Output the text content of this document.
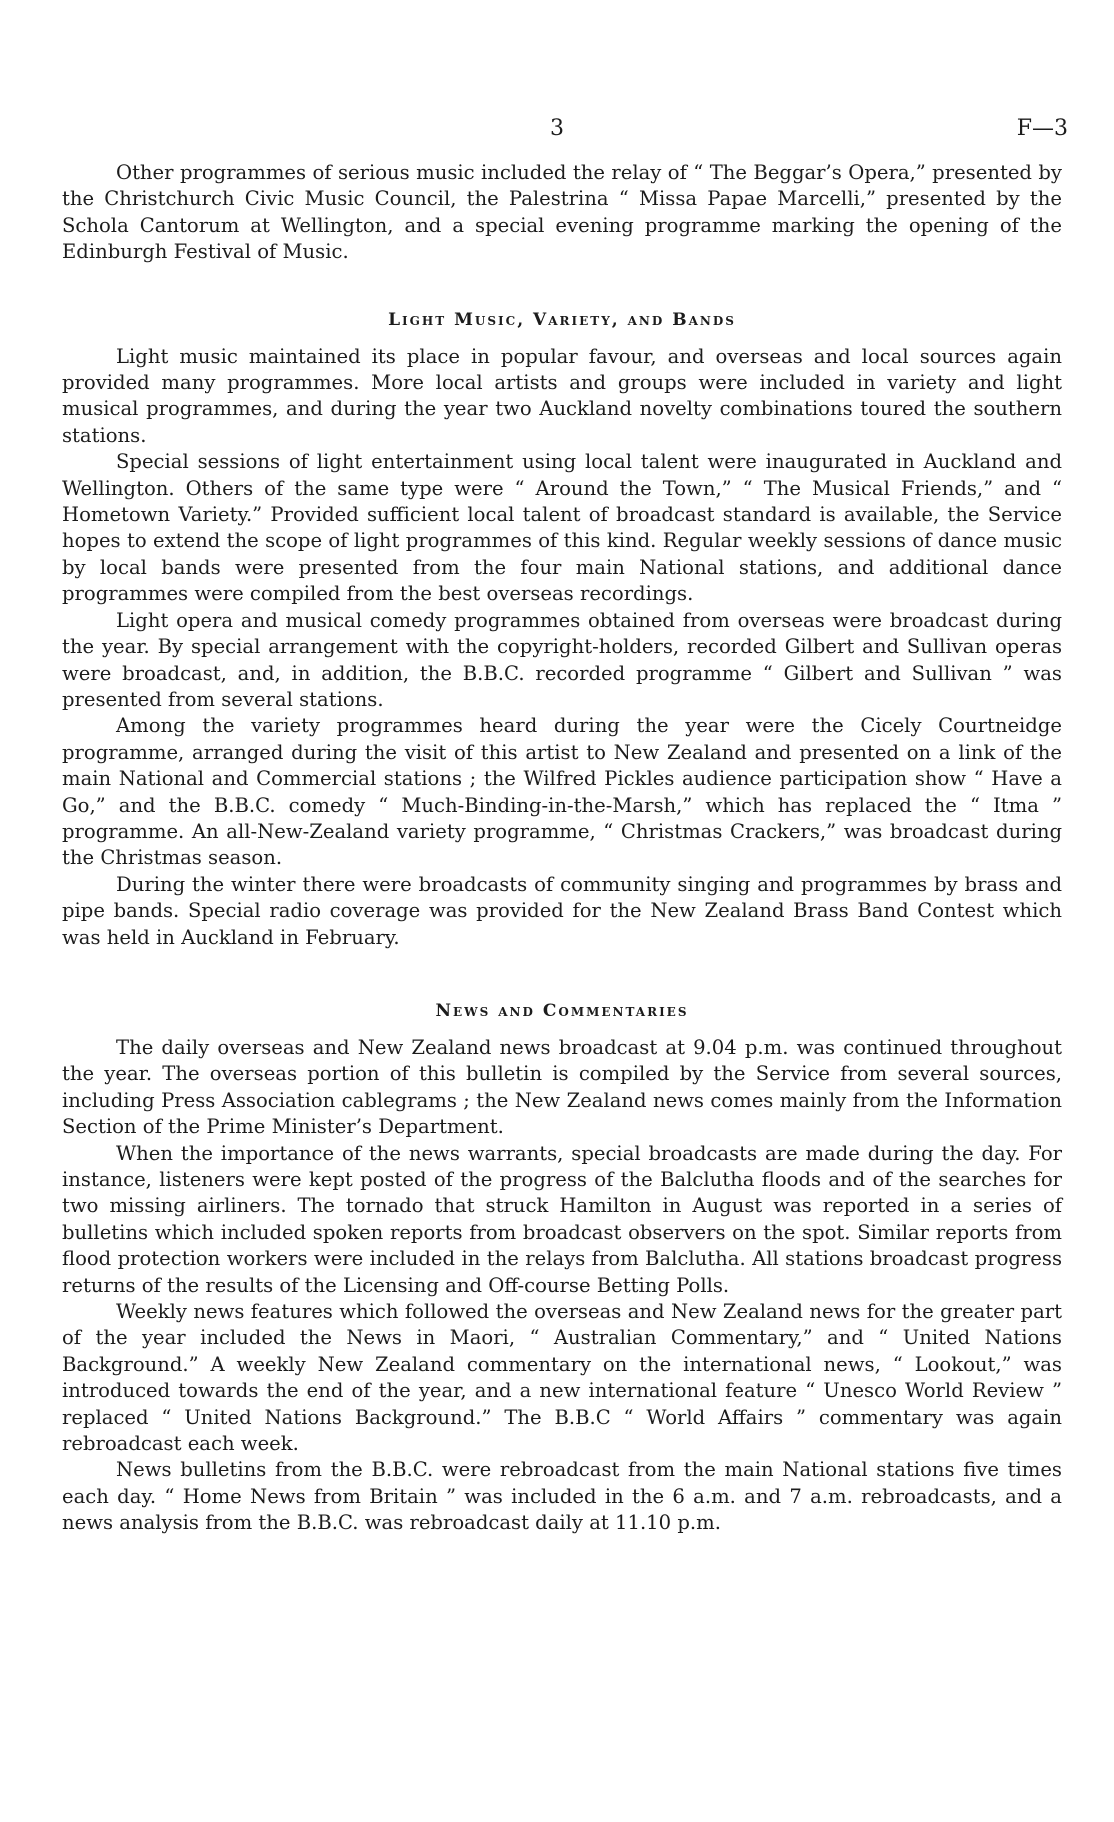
3	F—3

Other programmes of serious music included the relay of “ The Beggar’s Opera,” presented by the Christchurch Civic Music Council, the Palestrina “ Missa Papae Marcelli,” presented by the Schola Cantorum at Wellington, and a special evening programme marking the opening of the Edinburgh Festival of Music.

Light Music, Variety, and Bands

Light music maintained its place in popular favour, and overseas and local sources again provided many programmes. More local artists and groups were included in variety and light musical programmes, and during the year two Auckland novelty combinations toured the southern stations.

Special sessions of light entertainment using local talent were inaugurated in Auckland and Wellington. Others of the same type were “ Around the Town,” “ The Musical Friends,” and “ Hometown Variety.” Provided sufficient local talent of broadcast standard is available, the Service hopes to extend the scope of light programmes of this kind. Regular weekly sessions of dance music by local bands were presented from the four main National stations, and additional dance programmes were compiled from the best overseas recordings.

Light opera and musical comedy programmes obtained from overseas were broadcast during the year. By special arrangement with the copyright-holders, recorded Gilbert and Sullivan operas were broadcast, and, in addition, the B.B.C. recorded programme “ Gilbert and Sullivan ” was presented from several stations.

Among the variety programmes heard during the year were the Cicely Courtneidge programme, arranged during the visit of this artist to New Zealand and presented on a link of the main National and Commercial stations ; the Wilfred Pickles audience participation show “ Have a Go,” and the B.B.C. comedy “ Much-Binding-in-the-Marsh,” which has replaced the “ Itma ” programme. An all-New-Zealand variety programme, “ Christmas Crackers,” was broadcast during the Christmas season.

During the winter there were broadcasts of community singing and programmes by brass and pipe bands. Special radio coverage was provided for the New Zealand Brass Band Contest which was held in Auckland in February.

News and Commentaries

The daily overseas and New Zealand news broadcast at 9.04 p.m. was continued throughout the year. The overseas portion of this bulletin is compiled by the Service from several sources, including Press Association cablegrams ; the New Zealand news comes mainly from the Information Section of the Prime Minister’s Department.

When the importance of the news warrants, special broadcasts are made during the day. For instance, listeners were kept posted of the progress of the Balclutha floods and of the searches for two missing airliners. The tornado that struck Hamilton in August was reported in a series of bulletins which included spoken reports from broadcast observers on the spot. Similar reports from flood protection workers were included in the relays from Balclutha. All stations broadcast progress returns of the results of the Licensing and Off-course Betting Polls.

Weekly news features which followed the overseas and New Zealand news for the greater part of the year included the News in Maori, “ Australian Commentary,” and “ United Nations Background.” A weekly New Zealand commentary on the international news, “ Lookout,” was introduced towards the end of the year, and a new international feature “ Unesco World Review ” replaced “ United Nations Background.” The B.B.C “ World Affairs ” commentary was again rebroadcast each week.

News bulletins from the B.B.C. were rebroadcast from the main National stations five times each day. “ Home News from Britain ” was included in the 6 a.m. and 7 a.m. rebroadcasts, and a news analysis from the B.B.C. was rebroadcast daily at 11.10 p.m.
